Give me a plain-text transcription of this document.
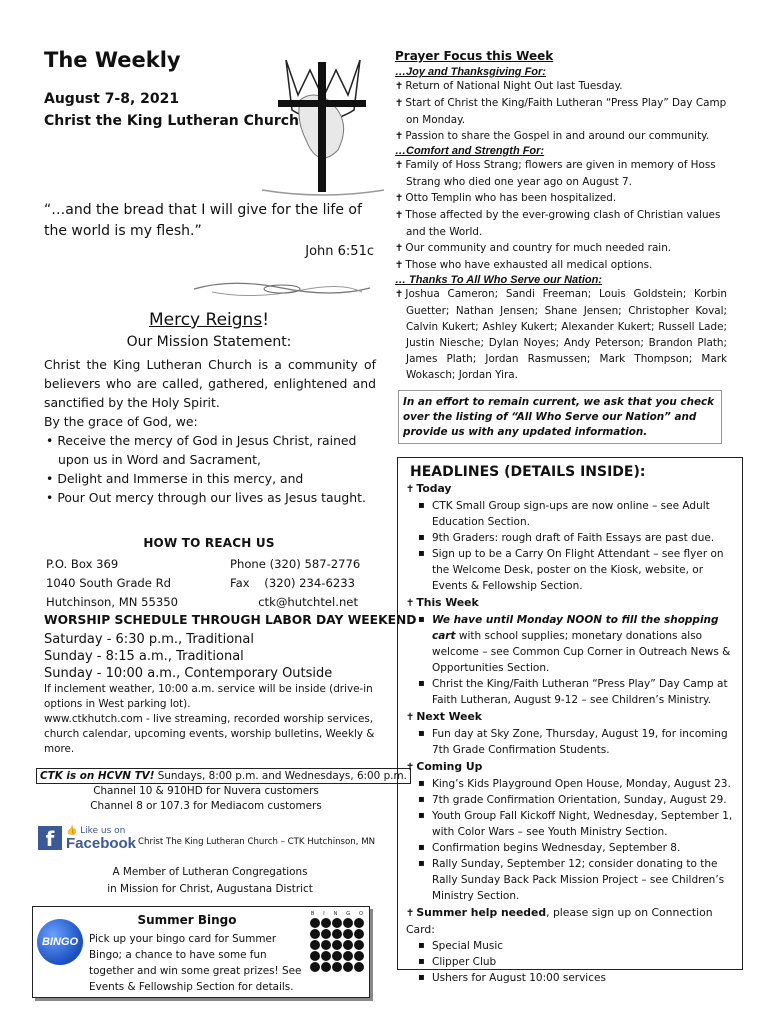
The Weekly
August 7-8, 2021
Christ the King Lutheran Church
“…and the bread that I will give for the life of the world is my flesh.”
John 6:51c
Mercy Reigns!
Our Mission Statement:
Christ the King Lutheran Church is a community of believers who are called, gathered, enlightened and sanctified by the Holy Spirit.
By the grace of God, we:
• Receive the mercy of God in Jesus Christ, rained upon us in Word and Sacrament,
• Delight and Immerse in this mercy, and
• Pour Out mercy through our lives as Jesus taught.
HOW TO REACH US
P.O. Box 369
1040 South Grade Rd
Hutchinson, MN 55350
Phone (320) 587-2776
Fax    (320) 234-6233
ctk@hutchtel.net
WORSHIP SCHEDULE THROUGH LABOR DAY WEEKEND
Saturday - 6:30 p.m., Traditional
Sunday - 8:15 a.m., Traditional
Sunday - 10:00 a.m., Contemporary Outside
If inclement weather, 10:00 a.m. service will be inside (drive-in options in West parking lot).
www.ctkhutch.com - live streaming, recorded worship services, church calendar, upcoming events, worship bulletins, Weekly & more.
CTK is on HCVN TV! Sundays, 8:00 p.m. and Wednesdays, 6:00 p.m.
Channel 10 & 910HD for Nuvera customers
Channel 8 or 107.3 for Mediacom customers
f	👍 Like us on
Facebook Christ The King Lutheran Church – CTK Hutchinson, MN
A Member of Lutheran Congregations
in Mission for Christ, Augustana District
BINGO
Summer Bingo
Pick up your bingo card for Summer Bingo; a chance to have some fun together and win some great prizes! See Events & Fellowship Section for details.
B I N G O
Prayer Focus this Week
…Joy and Thanksgiving For:
✝ Return of National Night Out last Tuesday.
✝ Start of Christ the King/Faith Lutheran “Press Play” Day Camp on Monday.
✝ Passion to share the Gospel in and around our community.
…Comfort and Strength For:
✝ Family of Hoss Strang; flowers are given in memory of Hoss Strang who died one year ago on August 7.
✝ Otto Templin who has been hospitalized.
✝ Those affected by the ever-growing clash of Christian values and the World.
✝ Our community and country for much needed rain.
✝ Those who have exhausted all medical options.
… Thanks To All Who Serve our Nation:
✝ Joshua Cameron; Sandi Freeman; Louis Goldstein; Korbin Guetter; Nathan Jensen; Shane Jensen; Christopher Koval; Calvin Kukert; Ashley Kukert; Alexander Kukert; Russell Lade; Justin Niesche; Dylan Noyes; Andy Peterson; Brandon Plath; James Plath; Jordan Rasmussen; Mark Thompson; Mark Wokasch; Jordan Yira.
In an effort to remain current, we ask that you check over the listing of “All Who Serve our Nation” and provide us with any updated information.
HEADLINES (DETAILS INSIDE):
✝ Today
▪ CTK Small Group sign-ups are now online – see Adult Education Section.
▪ 9th Graders: rough draft of Faith Essays are past due.
▪ Sign up to be a Carry On Flight Attendant – see flyer on the Welcome Desk, poster on the Kiosk, website, or Events & Fellowship Section.
✝ This Week
▪ We have until Monday NOON to fill the shopping cart with school supplies; monetary donations also welcome – see Common Cup Corner in Outreach News & Opportunities Section.
▪ Christ the King/Faith Lutheran “Press Play” Day Camp at Faith Lutheran, August 9-12 – see Children’s Ministry.
✝ Next Week
▪ Fun day at Sky Zone, Thursday, August 19, for incoming 7th Grade Confirmation Students.
✝ Coming Up
▪ King’s Kids Playground Open House, Monday, August 23.
▪ 7th grade Confirmation Orientation, Sunday, August 29.
▪ Youth Group Fall Kickoff Night, Wednesday, September 1, with Color Wars – see Youth Ministry Section.
▪ Confirmation begins Wednesday, September 8.
▪ Rally Sunday, September 12; consider donating to the Rally Sunday Back Pack Mission Project – see Children’s Ministry Section.
✝ Summer help needed, please sign up on Connection Card:
▪ Special Music
▪ Clipper Club
▪ Ushers for August 10:00 services
